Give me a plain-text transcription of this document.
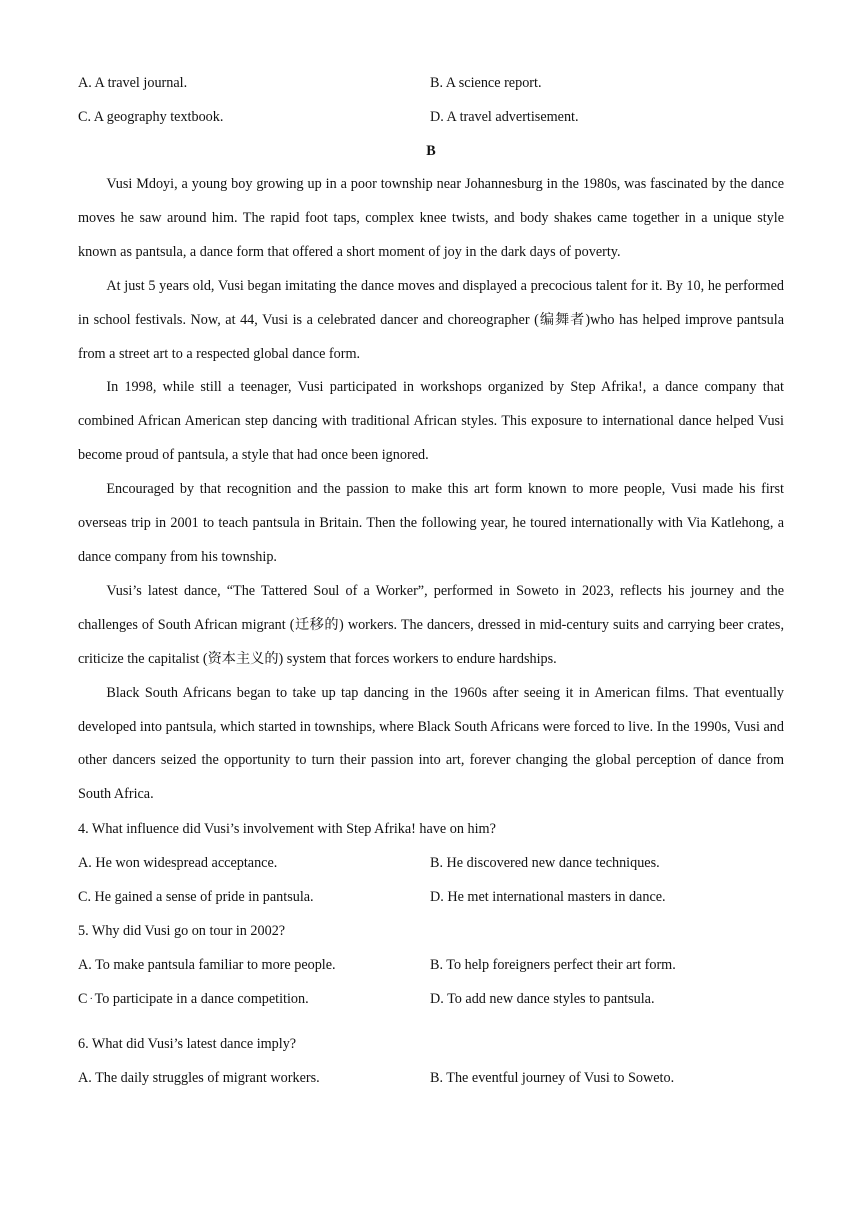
A. A travel journal.	B. A science report.
C. A geography textbook.	D. A travel advertisement.
B

Vusi Mdoyi, a young boy growing up in a poor township near Johannesburg in the 1980s, was fascinated by the dance moves he saw around him. The rapid foot taps, complex knee twists, and body shakes came together in a unique style known as pantsula, a dance form that offered a short moment of joy in the dark days of poverty.

At just 5 years old, Vusi began imitating the dance moves and displayed a precocious talent for it. By 10, he performed in school festivals. Now, at 44, Vusi is a celebrated dancer and choreographer (编舞者)who has helped improve pantsula from a street art to a respected global dance form.

In 1998, while still a teenager, Vusi participated in workshops organized by Step Afrika!, a dance company that combined African American step dancing with traditional African styles. This exposure to international dance helped Vusi become proud of pantsula, a style that had once been ignored.

Encouraged by that recognition and the passion to make this art form known to more people, Vusi made his first overseas trip in 2001 to teach pantsula in Britain. Then the following year, he toured internationally with Via Katlehong, a dance company from his township.

Vusi’s latest dance, “The Tattered Soul of a Worker”, performed in Soweto in 2023, reflects his journey and the challenges of South African migrant (迁移的) workers. The dancers, dressed in mid-century suits and carrying beer crates, criticize the capitalist (资本主义的) system that forces workers to endure hardships.

Black South Africans began to take up tap dancing in the 1960s after seeing it in American films. That eventually developed into pantsula, which started in townships, where Black South Africans were forced to live. In the 1990s, Vusi and other dancers seized the opportunity to turn their passion into art, forever changing the global perception of dance from South Africa.

4. What influence did Vusi’s involvement with Step Afrika! have on him?
A. He won widespread acceptance.	B. He discovered new dance techniques.
C. He gained a sense of pride in pantsula.	D. He met international masters in dance.
5. Why did Vusi go on tour in 2002?
A. To make pantsula familiar to more people.	B. To help foreigners perfect their art form.
C . To participate in a dance competition.	D. To add new dance styles to pantsula.
6. What did Vusi’s latest dance imply?
A. The daily struggles of migrant workers.	B. The eventful journey of Vusi to Soweto.
